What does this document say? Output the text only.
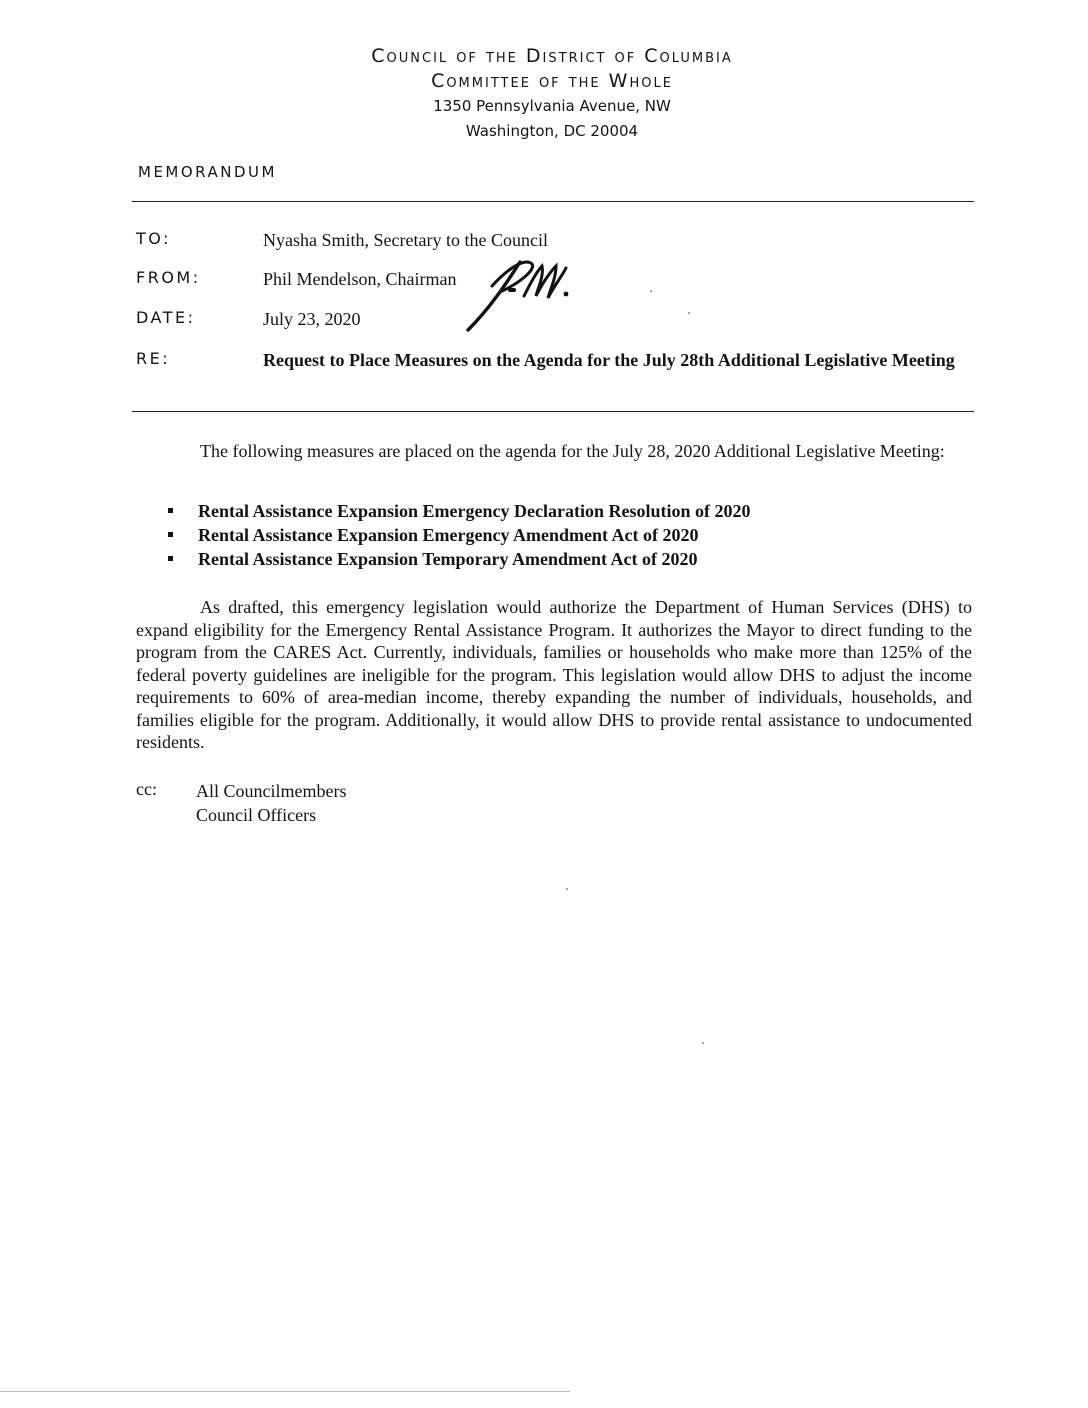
Council of the District of Columbia
Committee of the Whole
1350 Pennsylvania Avenue, NW
Washington, DC 20004
MEMORANDUM
TO:	Nyasha Smith, Secretary to the Council
FROM:	Phil Mendelson, Chairman
DATE:	July 23, 2020
RE:	Request to Place Measures on the Agenda for the July 28th Additional Legislative Meeting

The following measures are placed on the agenda for the July 28, 2020 Additional Legislative Meeting:

Rental Assistance Expansion Emergency Declaration Resolution of 2020
Rental Assistance Expansion Emergency Amendment Act of 2020
Rental Assistance Expansion Temporary Amendment Act of 2020

As drafted, this emergency legislation would authorize the Department of Human Services (DHS) to expand eligibility for the Emergency Rental Assistance Program. It authorizes the Mayor to direct funding to the program from the CARES Act. Currently, individuals, families or households who make more than 125% of the federal poverty guidelines are ineligible for the program. This legislation would allow DHS to adjust the income requirements to 60% of area-median income, thereby expanding the number of individuals, households, and families eligible for the program. Additionally, it would allow DHS to provide rental assistance to undocumented residents.

cc: All Councilmembers
Council Officers
